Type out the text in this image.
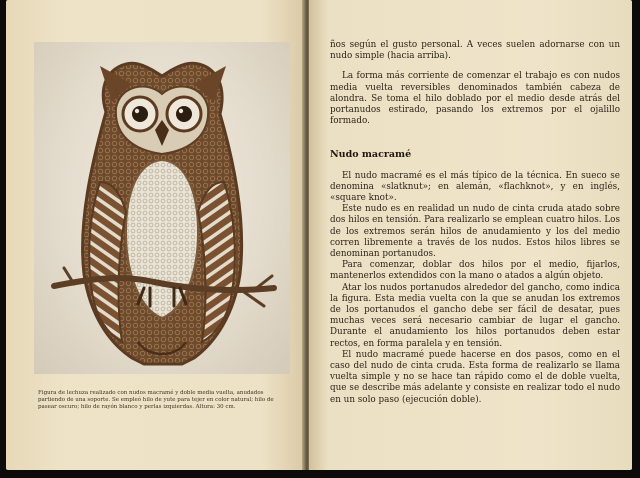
Figura de lechuza realizado con nudos macramé y doble media vuelta, anudados partiendo de una soporte. Se empleó hilo de yute para tejer en color natural; hilo de pasear oscuro; hilo de rayón blanco y perlas izquierdas. Altura: 30 cm.

ños según el gusto personal. A veces suelen adornarse con un nudo simple (hacia arriba).

La forma más corriente de comenzar el trabajo es con nudos media vuelta reversibles denominados también cabeza de alondra. Se toma el hilo doblado por el medio desde atrás del portanudos estirado, pasando los extremos por el ojalillo formado.

Nudo macramé

El nudo macramé es el más típico de la técnica. En sueco se denomina «slatknut»; en alemán, «flachknot», y en inglés, «square knot».

Este nudo es en realidad un nudo de cinta cruda atado sobre dos hilos en tensión. Para realizarlo se emplean cuatro hilos. Los de los extremos serán hilos de anudamiento y los del medio corren libremente a través de los nudos. Estos hilos libres se denominan portanudos.

Para comenzar, doblar dos hilos por el medio, fijarlos, mantenerlos extendidos con la mano o atados a algún objeto.

Atar los nudos portanudos alrededor del gancho, como indica la figura. Esta media vuelta con la que se anudan los extremos de los portanudos el gancho debe ser fácil de desatar, pues muchas veces será necesario cambiar de lugar el gancho. Durante el anudamiento los hilos portanudos deben estar rectos, en forma paralela y en tensión.

El nudo macramé puede hacerse en dos pasos, como en el caso del nudo de cinta cruda. Esta forma de realizarlo se llama vuelta simple y no se hace tan rápido como el de doble vuelta, que se describe más adelante y consiste en realizar todo el nudo en un solo paso (ejecución doble).
